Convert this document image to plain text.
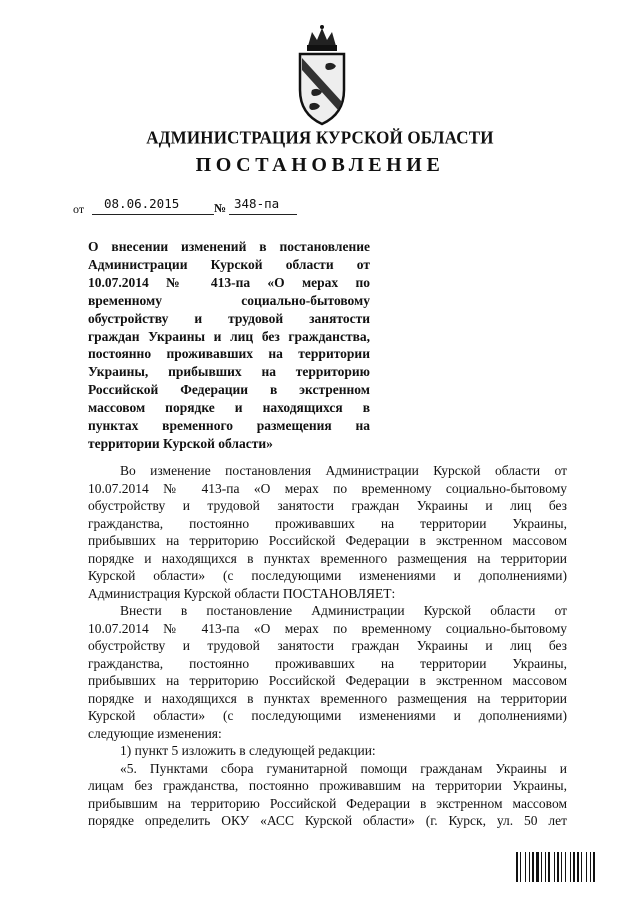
АДМИНИСТРАЦИЯ КУРСКОЙ ОБЛАСТИ
ПОСТАНОВЛЕНИЕ
от 08.06.2015	№ 348-па
О внесении изменений в постановление
Администрации Курской области от
10.07.2014 № 413-па «О мерах по
временному социально-бытовому
обустройству и трудовой занятости
граждан Украины и лиц без гражданства,
постоянно проживавших на территории
Украины, прибывших на территорию
Российской Федерации в экстренном
массовом порядке и находящихся в
пунктах временного размещения на
территории Курской области»
Во изменение постановления Администрации Курской области от
10.07.2014 № 413-па «О мерах по временному социально-бытовому
обустройству и трудовой занятости граждан Украины и лиц без
гражданства, постоянно проживавших на территории Украины,
прибывших на территорию Российской Федерации в экстренном массовом
порядке и находящихся в пунктах временного размещения на территории
Курской области» (с последующими изменениями и дополнениями)
Администрация Курской области ПОСТАНОВЛЯЕТ:
Внести в постановление Администрации Курской области от
10.07.2014 № 413-па «О мерах по временному социально-бытовому
обустройству и трудовой занятости граждан Украины и лиц без
гражданства, постоянно проживавших на территории Украины,
прибывших на территорию Российской Федерации в экстренном массовом
порядке и находящихся в пунктах временного размещения на территории
Курской области» (с последующими изменениями и дополнениями)
следующие изменения:
1) пункт 5 изложить в следующей редакции:
«5. Пунктами сбора гуманитарной помощи гражданам Украины и
лицам без гражданства, постоянно проживавшим на территории Украины,
прибывшим на территорию Российской Федерации в экстренном массовом
порядке определить ОКУ «АСС Курской области» (г. Курск, ул. 50 лет
